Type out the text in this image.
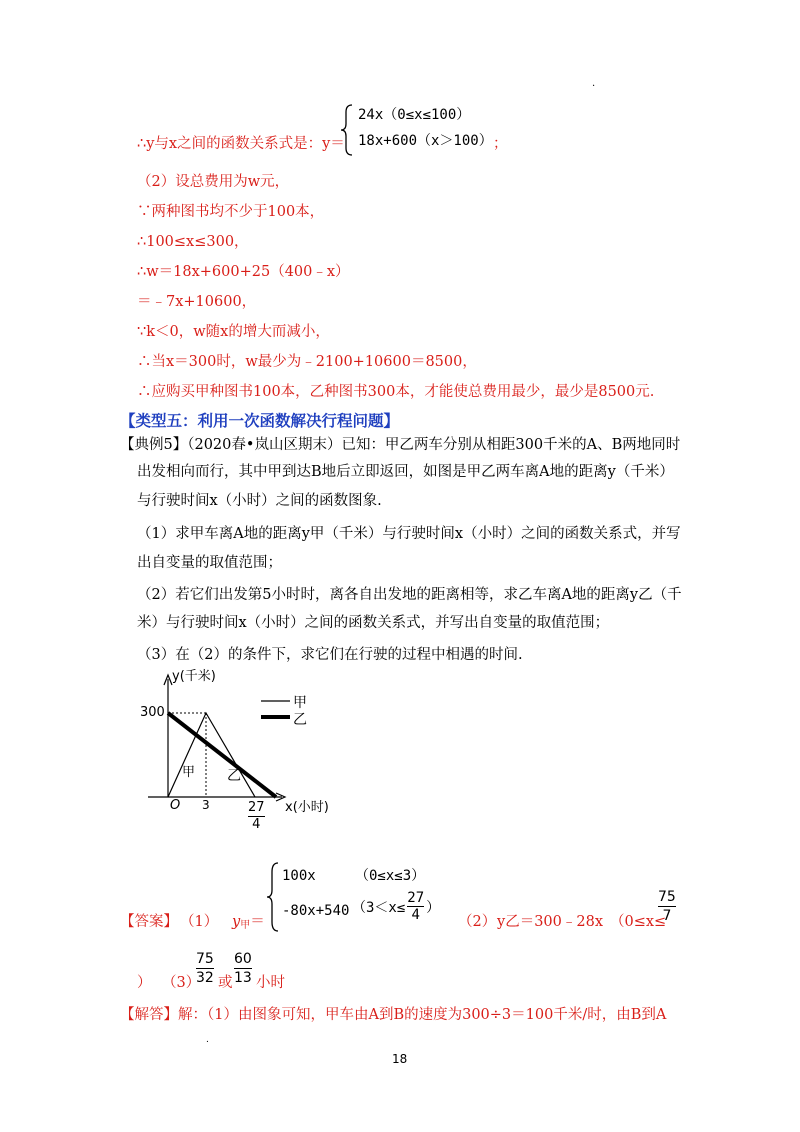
.
∴y与x之间的函数关系式是：y＝
24x（0≤x≤100）
18x+600（x＞100） ；
（2）设总费用为w元，
∵两种图书均不少于100本，
∴100≤x≤300，
∴w＝18x+600+25（400﹣x）
＝﹣7x+10600，
∵k＜0，w随x的增大而减小，
∴当x＝300时，w最少为﹣2100+10600＝8500，
∴应购买甲种图书100本，乙种图书300本，才能使总费用最少，最少是8500元.
【类型五：利用一次函数解决行程问题】
【典例5】（2020春•岚山区期末）已知：甲乙两车分别从相距300千米的A、B两地同时
出发相向而行，其中甲到达B地后立即返回，如图是甲乙两车离A地的距离y（千米）
与行驶时间x（小时）之间的函数图象.
（1）求甲车离A地的距离y甲（千米）与行驶时间x（小时）之间的函数关系式，并写
出自变量的取值范围；
（2）若它们出发第5小时时，离各自出发地的距离相等，求乙车离A地的距离y乙（千
米）与行驶时间x（小时）之间的函数关系式，并写出自变量的取值范围；
（3）在（2）的条件下，求它们在行驶的过程中相遇的时间.
y(千米)
300
O 3	x(小时)
$\frac{27}{4}$
甲 乙
甲
乙
【答案】 （1） $y_甲=$
100x	（0≤x≤3）
-80x+540 （$3<x\le \frac{27}{4}$ ）
（2） y乙＝300﹣28x （0≤x≤
$\frac{75}{7}$
） （3）
$\frac{75}{32}$ 或 $\frac{60}{13}$ 小时
【解答】解：（1）由图象可知，甲车由A到B的速度为300÷3＝100千米/时，由B到A
.
18
